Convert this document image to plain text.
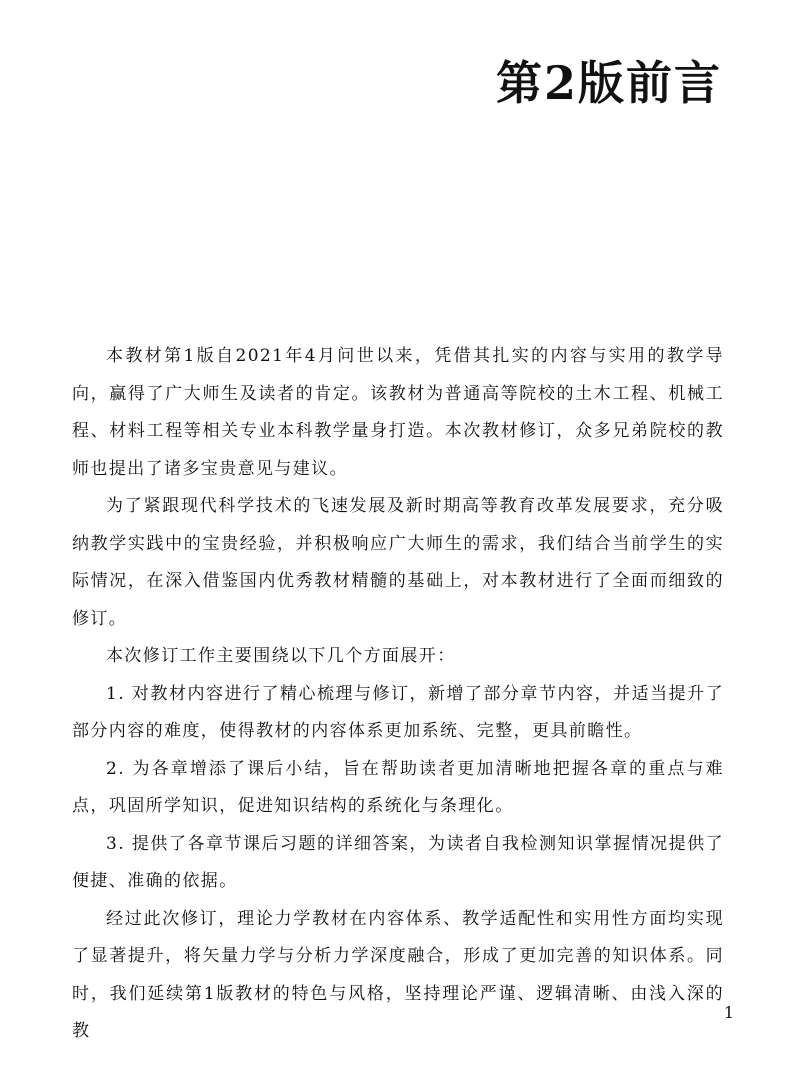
第2版前言

本教材第1版自2021年4月问世以来，凭借其扎实的内容与实用的教学导向，赢得了广大师生及读者的肯定。该教材为普通高等院校的土木工程、机械工程、材料工程等相关专业本科教学量身打造。本次教材修订，众多兄弟院校的教师也提出了诸多宝贵意见与建议。

为了紧跟现代科学技术的飞速发展及新时期高等教育改革发展要求，充分吸纳教学实践中的宝贵经验，并积极响应广大师生的需求，我们结合当前学生的实际情况，在深入借鉴国内优秀教材精髓的基础上，对本教材进行了全面而细致的修订。

本次修订工作主要围绕以下几个方面展开：

1. 对教材内容进行了精心梳理与修订，新增了部分章节内容，并适当提升了部分内容的难度，使得教材的内容体系更加系统、完整，更具前瞻性。

2. 为各章增添了课后小结，旨在帮助读者更加清晰地把握各章的重点与难点，巩固所学知识，促进知识结构的系统化与条理化。

3. 提供了各章节课后习题的详细答案，为读者自我检测知识掌握情况提供了便捷、准确的依据。

经过此次修订，理论力学教材在内容体系、教学适配性和实用性方面均实现了显著提升，将矢量力学与分析力学深度融合，形成了更加完善的知识体系。同时，我们延续第1版教材的特色与风格，坚持理论严谨、逻辑清晰、由浅入深的教

1
